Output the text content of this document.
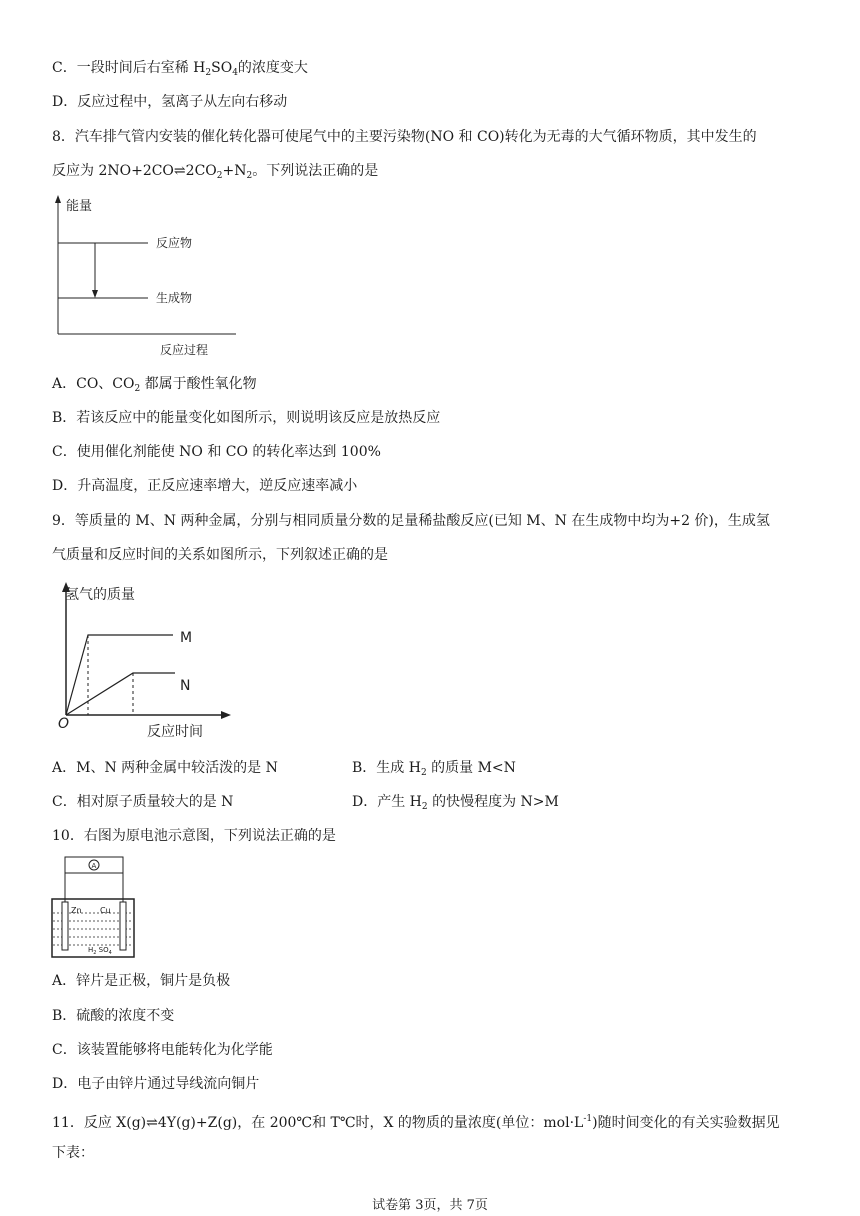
C．一段时间后右室稀 $H_2SO_4$的浓度变大
D．反应过程中，氢离子从左向右移动
8．汽车排气管内安装的催化转化器可使尾气中的主要污染物(NO 和 CO)转化为无毒的大气循环物质，其中发生的
反应为 $2NO+2CO\rightleftharpoons 2CO_2+N_2$。下列说法正确的是
能量
反应物
生成物
反应过程
A．CO、$CO_2$ 都属于酸性氧化物
B．若该反应中的能量变化如图所示，则说明该反应是放热反应
C．使用催化剂能使 NO 和 CO 的转化率达到 100%
D．升高温度，正反应速率增大，逆反应速率减小
9．等质量的 M、N 两种金属，分别与相同质量分数的足量稀盐酸反应(已知 M、N 在生成物中均为+2 价)，生成氢
气质量和反应时间的关系如图所示，下列叙述正确的是
氢气的质量
O	反应时间
M
N
A．M、N 两种金属中较活泼的是 N	B．生成 $H_2$ 的质量 M<N
C．相对原子质量较大的是 N	D．产生 $H_2$ 的快慢程度为 N>M
10．右图为原电池示意图，下列说法正确的是
A
Zn Cu
$H_2$ $SO_4$
A．锌片是正极，铜片是负极
B．硫酸的浓度不变
C．该装置能够将电能转化为化学能
D．电子由锌片通过导线流向铜片
11．反应 X(g)⇌4Y(g)+Z(g)，在 200℃和 T℃时，X 的物质的量浓度(单位：$mol\cdot L^{-1}$)随时间变化的有关实验数据见
下表：
试卷第 3页，共 7页
